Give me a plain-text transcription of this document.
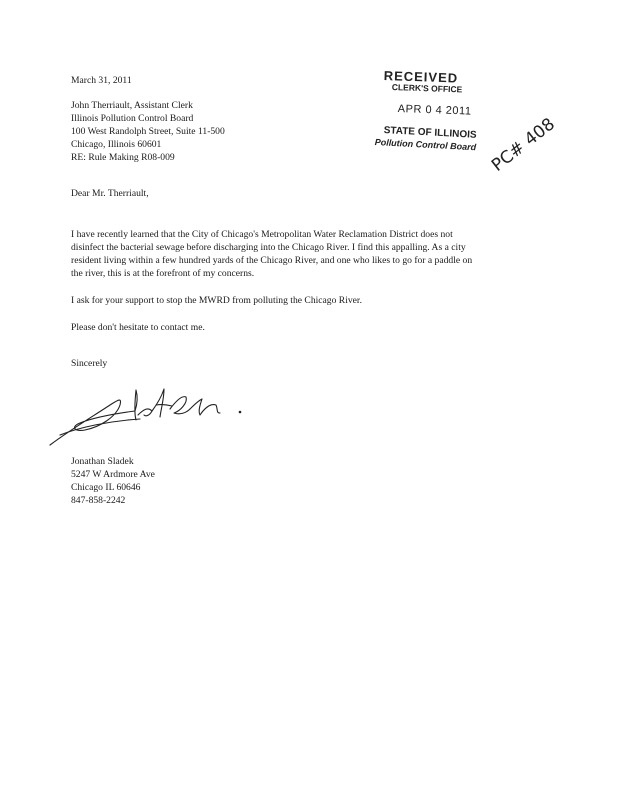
March 31, 2011
John Therriault, Assistant Clerk
Illinois Pollution Control Board
100 West Randolph Street, Suite 11-500
Chicago, Illinois 60601
RE: Rule Making R08-009
RECEIVED
CLERK'S OFFICE
APR 0 4 2011
STATE OF ILLINOIS
Pollution Control Board PC# 408
Dear Mr. Therriault,
I have recently learned that the City of Chicago's Metropolitan Water Reclamation District does not
disinfect the bacterial sewage before discharging into the Chicago River. I find this appalling. As a city
resident living within a few hundred yards of the Chicago River, and one who likes to go for a paddle on
the river, this is at the forefront of my concerns.
I ask for your support to stop the MWRD from polluting the Chicago River.
Please don't hesitate to contact me.
Sincerely
Jonathan Sladek
5247 W Ardmore Ave
Chicago IL 60646
847-858-2242
